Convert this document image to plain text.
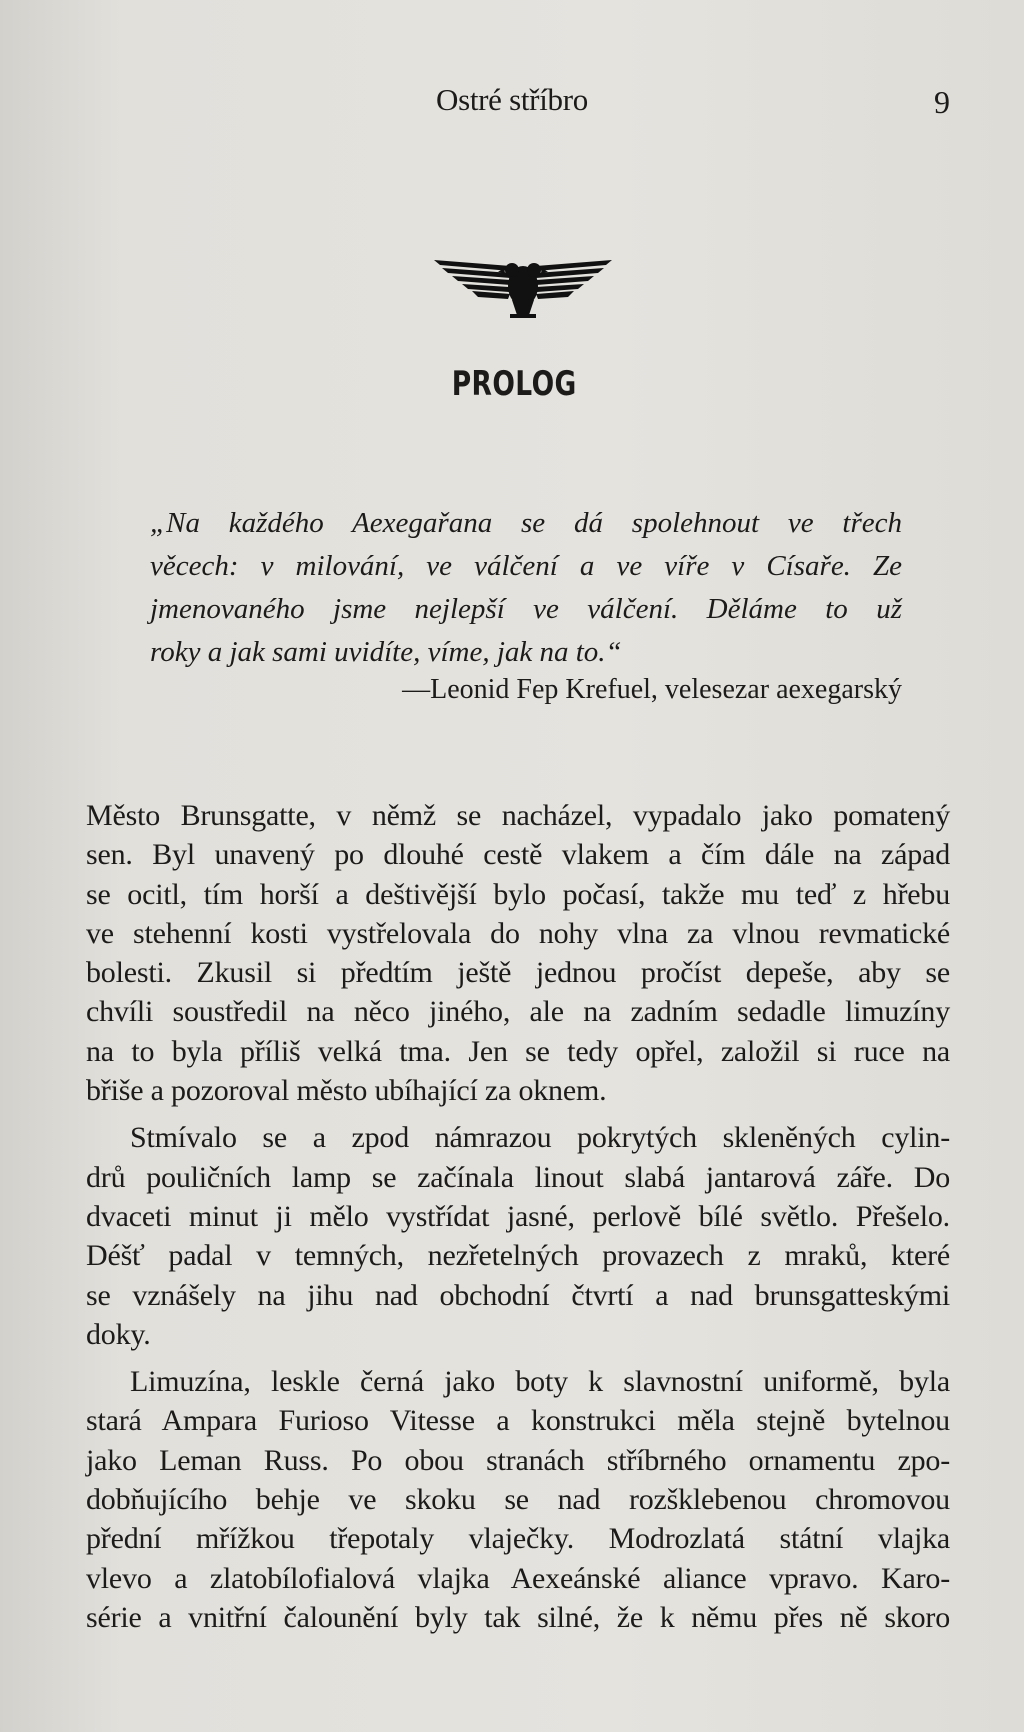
Ostré stříbro	9
PROLOG
„Na každého Aexegařana se dá spolehnout ve třech
věcech: v milování, ve válčení a ve víře v Císaře. Ze
jmenovaného jsme nejlepší ve válčení. Děláme to už
roky a jak sami uvidíte, víme, jak na to.“
—Leonid Fep Krefuel, velesezar aexegarský

Město Brunsgatte, v němž se nacházel, vypadalo jako pomatený
sen. Byl unavený po dlouhé cestě vlakem a čím dále na západ
se ocitl, tím horší a deštivější bylo počasí, takže mu teď z hřebu
ve stehenní kosti vystřelovala do nohy vlna za vlnou revmatické
bolesti. Zkusil si předtím ještě jednou pročíst depeše, aby se
chvíli soustředil na něco jiného, ale na zadním sedadle limuzíny
na to byla příliš velká tma. Jen se tedy opřel, založil si ruce na
břiše a pozoroval město ubíhající za oknem.

Stmívalo se a zpod námrazou pokrytých skleněných cylin-
drů pouličních lamp se začínala linout slabá jantarová záře. Do
dvaceti minut ji mělo vystřídat jasné, perlově bílé světlo. Přešelo.
Déšť padal v temných, nezřetelných provazech z mraků, které
se vznášely na jihu nad obchodní čtvrtí a nad brunsgatteskými
doky.

Limuzína, leskle černá jako boty k slavnostní uniformě, byla
stará Ampara Furioso Vitesse a konstrukci měla stejně bytelnou
jako Leman Russ. Po obou stranách stříbrného ornamentu zpo-
dobňujícího behje ve skoku se nad rozšklebenou chromovou
přední mřížkou třepotaly vlaječky. Modrozlatá státní vlajka
vlevo a zlatobílofialová vlajka Aexeánské aliance vpravo. Karo-
série a vnitřní čalounění byly tak silné, že k němu přes ně skoro
